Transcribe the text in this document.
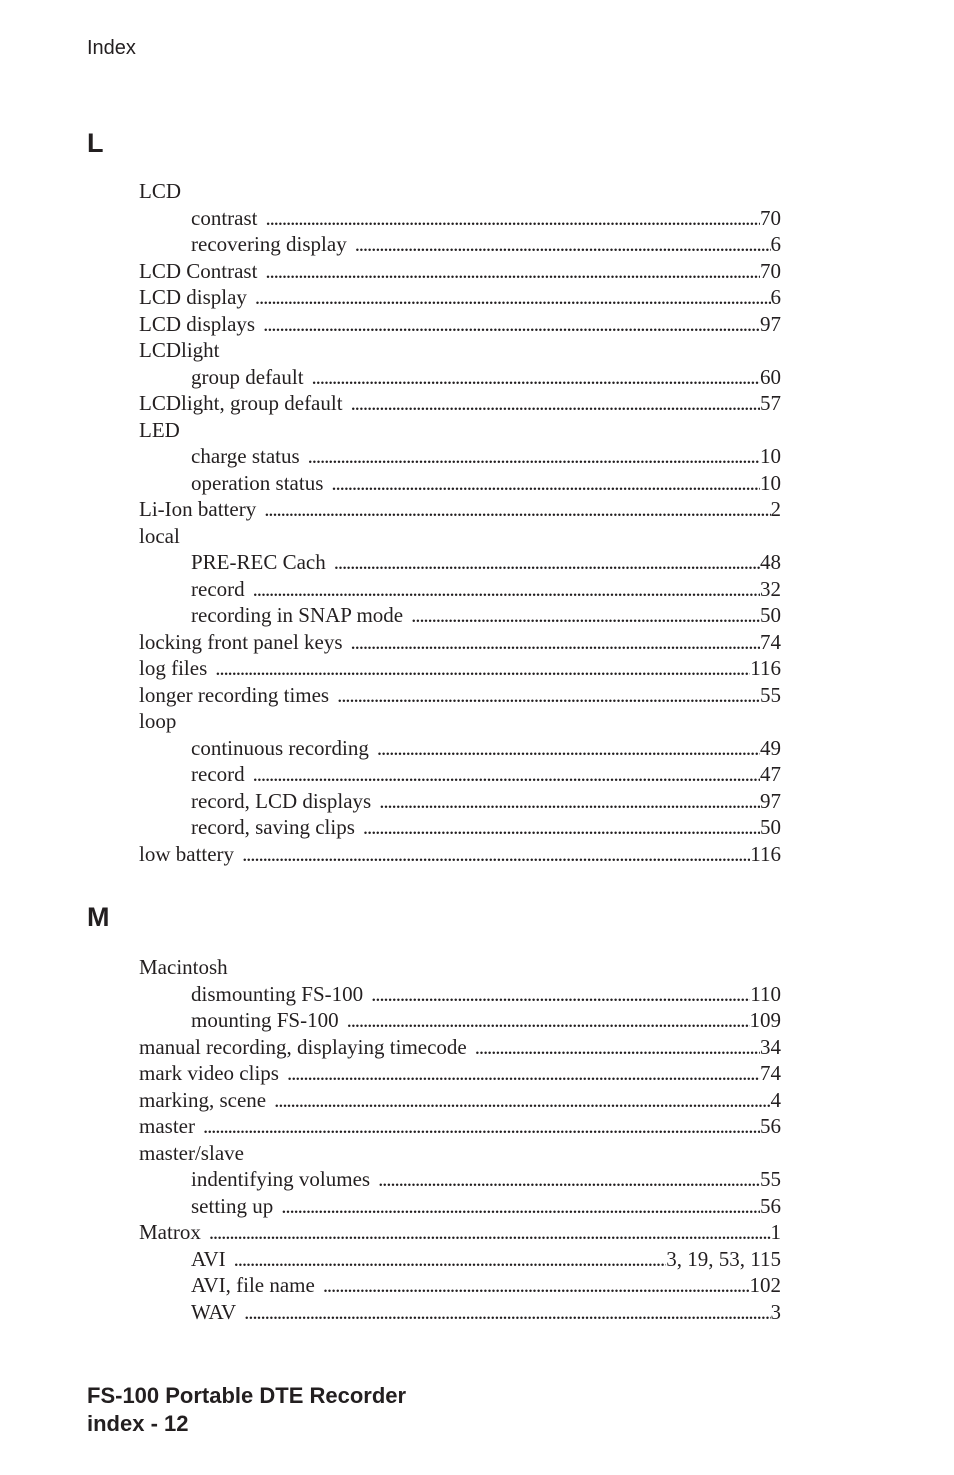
Index
L
LCD
contrast . . .	70
recovering display . . .	6
LCD Contrast . . .	70
LCD display . . .	6
LCD displays . . .	97
LCDlight
group default . . .	60
LCDlight, group default . . .	57
LED
charge status . . .	10
operation status . . .	10
Li-Ion battery . . .	2
local
PRE-REC Cach . . .	48
record . . .	32
recording in SNAP mode . . .	50
locking front panel keys . . .	74
log files . . .	116
longer recording times . . .	55
loop
continuous recording . . .	49
record . . .	47
record, LCD displays . . .	97
record, saving clips . . .	50
low battery . . .	116
M
Macintosh
dismounting FS-100 . . .	110
mounting FS-100 . . .	109
manual recording, displaying timecode . . .	34
mark video clips . . .	74
marking, scene . . .	4
master . . .	56
master/slave
indentifying volumes . . .	55
setting up . . .	56
Matrox . . .	1
AVI . . .	3, 19, 53, 115
AVI, file name . . .	102
WAV . . .	3
FS-100 Portable DTE Recorder
index - 12
